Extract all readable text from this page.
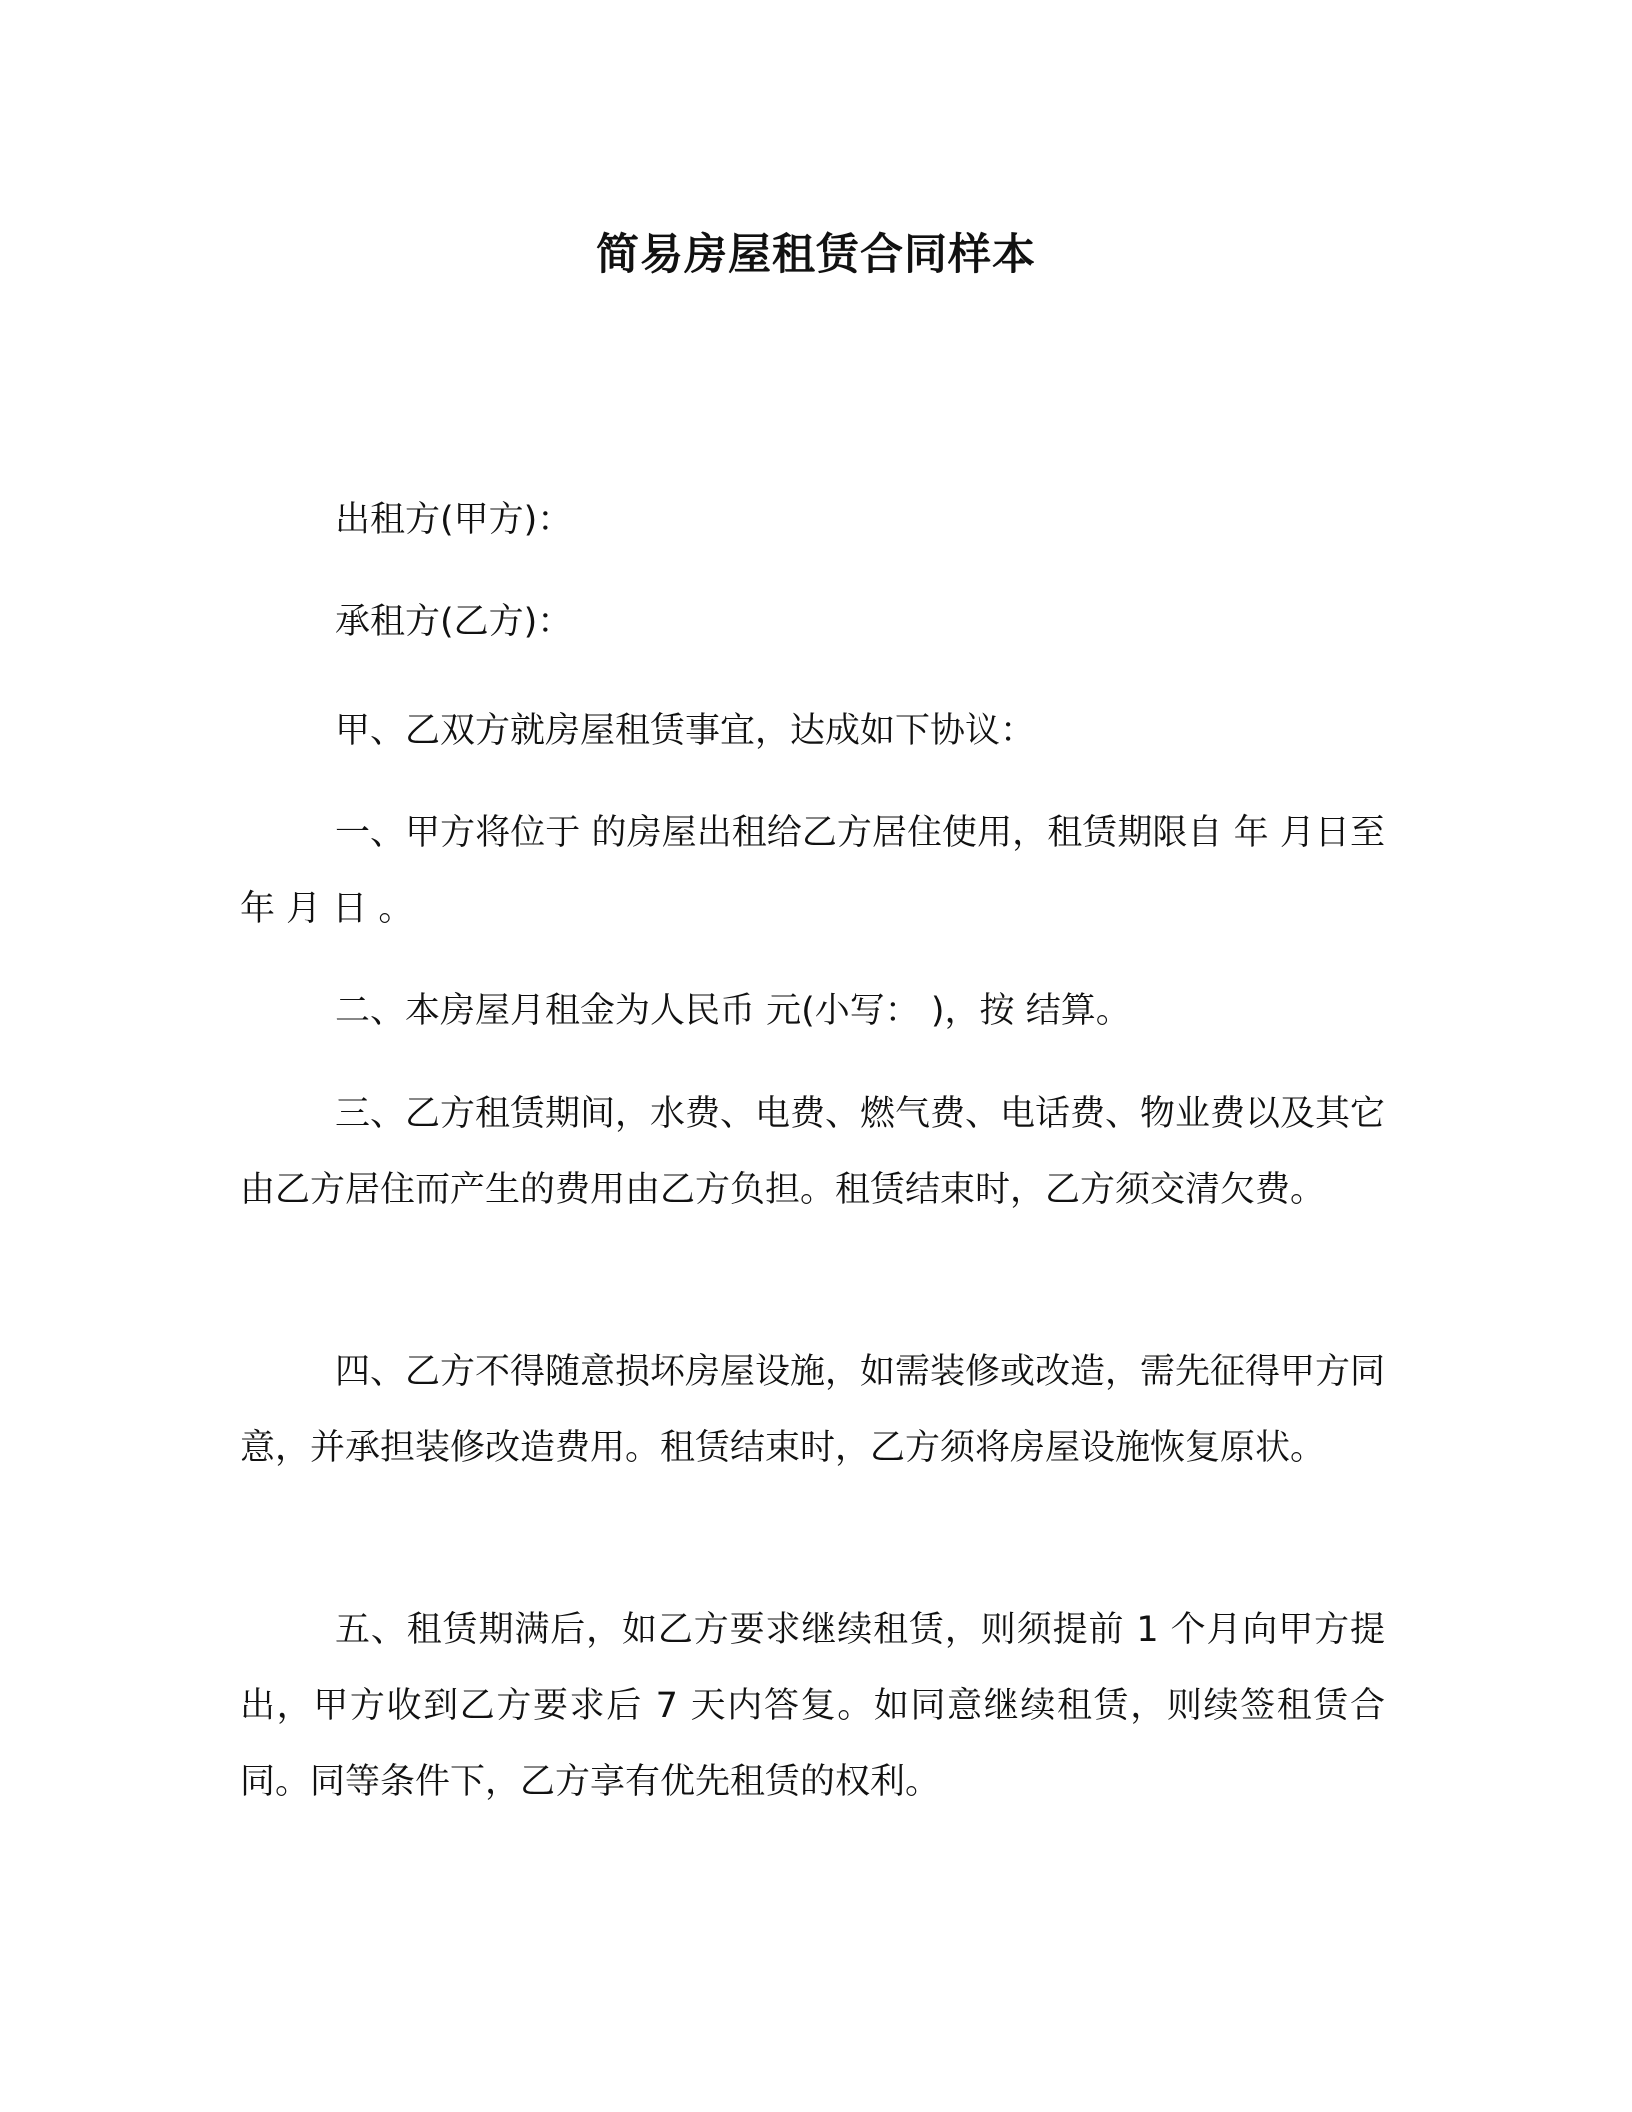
简易房屋租赁合同样本
出租方(甲方)：
承租方(乙方)：

甲、乙双方就房屋租赁事宜，达成如下协议：

一、甲方将位于 的房屋出租给乙方居住使用，租赁期限自 年 月日至 年 月 日 。

二、本房屋月租金为人民币 元(小写： )，按 结算。

三、乙方租赁期间，水费、电费、燃气费、电话费、物业费以及其它由乙方居住而产生的费用由乙方负担。租赁结束时，乙方须交清欠费。

四、乙方不得随意损坏房屋设施，如需装修或改造，需先征得甲方同意，并承担装修改造费用。租赁结束时，乙方须将房屋设施恢复原状。

五、租赁期满后，如乙方要求继续租赁，则须提前 1 个月向甲方提出，甲方收到乙方要求后 7 天内答复。如同意继续租赁，则续签租赁合同。同等条件下，乙方享有优先租赁的权利。
